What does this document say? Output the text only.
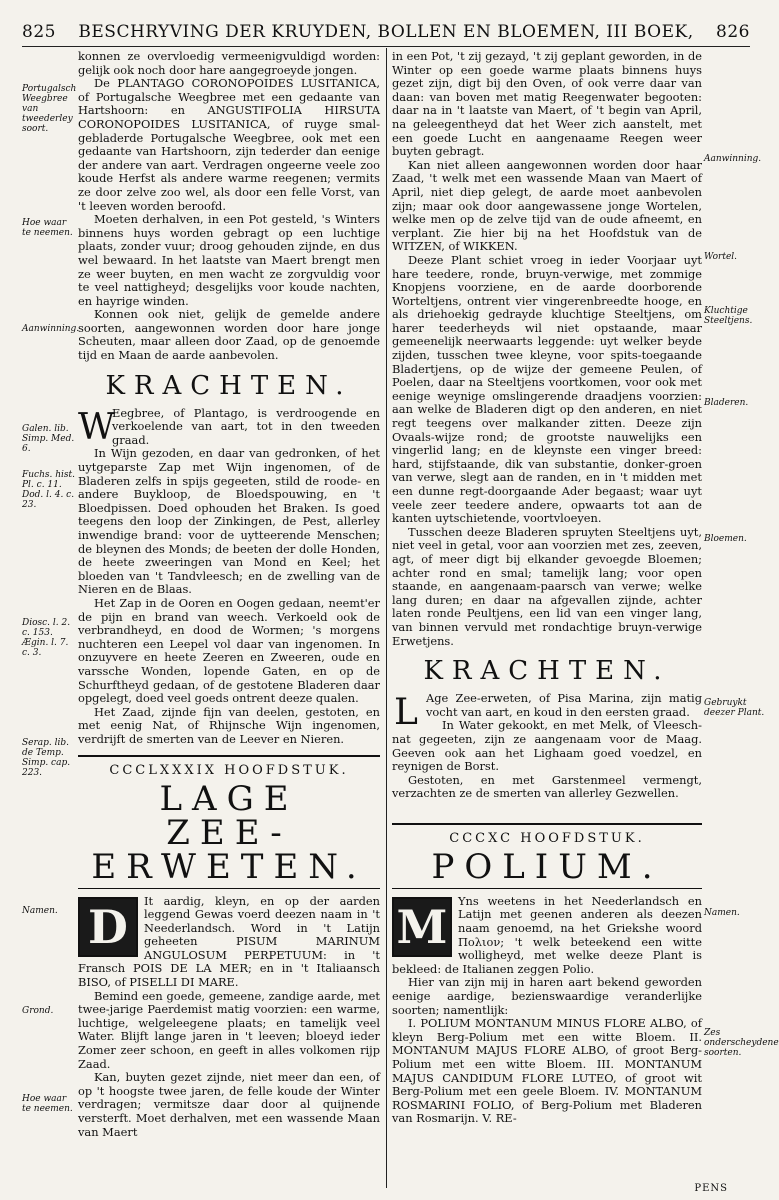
825	BESCHRYVING DER KRUYDEN, BOLLEN EN BLOEMEN, III BOEK,	826
Portugalsch Weegbree van tweederley soort.
Hoe waar te neemen.
Aanwinning.
Galen. lib. Simp. Med. 6.
Fuchs. hist. Pl. c. 11. Dod. l. 4. c. 23.
Diosc. l. 2. c. 153. Ægin. l. 7. c. 3.
Serap. lib. de Temp. Simp. cap. 223.
Namen.
Grond.
Hoe waar te neemen.

konnen ze overvloedig vermeenigvuldigd worden: gelijk ook noch door hare aangegroeyde jongen.

De PLANTAGO CORONOPOIDES LUSITANICA, of Portugalsche Weegbree met een gedaante van Hartshoorn: en ANGUSTIFOLIA HIRSUTA CORONOPOIDES LUSITANICA, of ruyge smal-gebladerde Portugalsche Weegbree, ook met een gedaante van Hartshoorn, zijn tederder dan eenige der andere van aart. Verdragen ongeerne veele zoo koude Herfst als andere warme reegenen; vermits ze door zelve zoo wel, als door een felle Vorst, van 't leeven worden beroofd.

Moeten derhalven, in een Pot gesteld, 's Winters binnens huys worden gebragt op een luchtige plaats, zonder vuur; droog gehouden zijnde, en dus wel bewaard. In het laatste van Maert brengt men ze weer buyten, en men wacht ze zorgvuldig voor te veel nattigheyd; desgelijks voor koude nachten, en hayrige winden.

Konnen ook niet, gelijk de gemelde andere soorten, aangewonnen worden door hare jonge Scheuten, maar alleen door Zaad, op de genoemde tijd en Maan de aarde aanbevolen.

KRACHTEN.

W
Eegbree, of Plantago, is verdroogende en verkoelende van aart, tot in den tweeden graad.

In Wijn gezoden, en daar van gedronken, of het uytgeparste Zap met Wijn ingenomen, of de Bladeren zelfs in spijs gegeeten, stild de roode- en andere Buykloop, de Bloedspouwing, en 't Bloedpissen. Doed ophouden het Braken. Is goed teegens den loop der Zinkingen, de Pest, allerley inwendige brand: voor de uytteerende Menschen; de bleynen des Monds; de beeten der dolle Honden, de heete zweeringen van Mond en Keel; het bloeden van 't Tandvleesch; en de zwelling van de Nieren en de Blaas.

Het Zap in de Ooren en Oogen gedaan, neemt'er de pijn en brand van weech. Verkoeld ook de verbrandheyd, en dood de Wormen; 's morgens nuchteren een Leepel vol daar van ingenomen. In onzuyvere en heete Zeeren en Zweeren, oude en varssche Wonden, lopende Gaten, en op de Schurftheyd gedaan, of de gestotene Bladeren daar opgelegt, doed veel goeds ontrent deeze qualen.

Het Zaad, zijnde fijn van deelen, gestoten, en met eenig Nat, of Rhijnsche Wijn ingenomen, verdrijft de smerten van de Leever en Nieren.

CCCLXXXIX HOOFDSTUK.
LAGE
ZEE-ERWETEN.

D	It aardig, kleyn, en op der aarden leggend Gewas voerd deezen naam in 't Neederlandsch. Word in 't Latijn geheeten PISUM MARINUM ANGULOSUM PERPETUUM: in 't Fransch POIS DE LA MER; en in 't Italiaansch BISO, of PISELLI DI MARE.

Bemind een goede, gemeene, zandige aarde, met twee-jarige Paerdemist matig voorzien: een warme, luchtige, welgeleegene plaats; en tamelijk veel Water. Blijft lange jaren in 't leeven; bloeyd ieder Zomer zeer schoon, en geeft in alles volkomen rijp Zaad.

Kan, buyten gezet zijnde, niet meer dan een, of op 't hoogste twee jaren, de felle koude der Winter verdragen; vermitsze daar door al quijnende versterft. Moet derhalven, met een wassende Maan van Maert

in een Pot, 't zij gezayd, 't zij geplant geworden, in de Winter op een goede warme plaats binnens huys gezet zijn, digt bij den Oven, of ook verre daar van daan: van boven met matig Reegenwater begooten: daar na in 't laatste van Maert, of 't begin van April, na geleegentheyd dat het Weer zich aanstelt, met een goede Lucht en aangenaame Reegen weer buyten gebragt.

Kan niet alleen aangewonnen worden door haar Zaad, 't welk met een wassende Maan van Maert of April, niet diep gelegt, de aarde moet aanbevolen zijn; maar ook door aangewassene jonge Wortelen, welke men op de zelve tijd van de oude afneemt, en verplant. Zie hier bij na het Hoofdstuk van de WITZEN, of WIKKEN.

Deeze Plant schiet vroeg in ieder Voorjaar uyt hare teedere, ronde, bruyn-verwige, met zommige Knopjens voorziene, en de aarde doorborende Worteltjens, ontrent vier vingerenbreedte hooge, en als driehoekig gedrayde kluchtige Steeltjens, om harer teederheyds wil niet opstaande, maar gemeenelijk neerwaarts leggende: uyt welker beyde zijden, tusschen twee kleyne, voor spits-toegaande Bladertjens, op de wijze der gemeene Peulen, of Poelen, daar na Steeltjens voortkomen, voor ook met eenige weynige omslingerende draadjens voorzien: aan welke de Bladeren digt op den anderen, en niet regt teegens over malkander zitten. Deeze zijn Ovaals-wijze rond; de grootste nauwelijks een vingerlid lang; en de kleynste een vinger breed: hard, stijfstaande, dik van substantie, donker-groen van verwe, slegt aan de randen, en in 't midden met een dunne regt-doorgaande Ader begaast; waar uyt veele zeer teedere andere, opwaarts tot aan de kanten uytschietende, voortvloeyen.

Tusschen deeze Bladeren spruyten Steeltjens uyt, niet veel in getal, voor aan voorzien met zes, zeeven, agt, of meer digt bij elkander gevoegde Bloemen; achter rond en smal; tamelijk lang; voor open staande, en aangenaam-paarsch van verwe; welke lang duren; en daar na afgevallen zijnde, achter laten ronde Peultjens, een lid van een vinger lang, van binnen vervuld met rondachtige bruyn-verwige Erwetjens.

KRACHTEN.

L Age Zee-erweten, of Pisa Marina, zijn matig vocht van aart, en koud in den eersten graad.

In Water gekookt, en met Melk, of Vleesch-nat gegeeten, zijn ze aangenaam voor de Maag. Geeven ook aan het Lighaam goed voedzel, en reynigen de Borst.

Gestoten, en met Garstenmeel vermengt, verzachten ze de smerten van allerley Gezwellen.

CCCXC HOOFDSTUK.
POLIUM.

M Yns weetens in het Neederlandsch en Latijn met geenen anderen als deezen naam genoemd, na het Griekshe woord Πολιον; 't welk beteekend een witte wolligheyd, met welke deeze Plant is bekleed: de Italianen zeggen Polio.

Hier van zijn mij in haren aart bekend geworden eenige aardige, bezienswaardige veranderlijke soorten; namentlijk:

I. POLIUM MONTANUM MINUS FLORE ALBO, of kleyn Berg-Polium met een witte Bloem. II. MONTANUM MAJUS FLORE ALBO, of groot Berg-Polium met een witte Bloem. III. MONTANUM MAJUS CANDIDUM FLORE LUTEO, of groot wit Berg-Polium met een geele Bloem. IV. MONTANUM ROSMARINI FOLIO, of Berg-Polium met Bladeren van Rosmarijn. V. RE-

Aanwinning.
Wortel.
Kluchtige Steeltjens.
Bladeren.
Bloemen.
Gebruykt deezer Plant.
Namen.
Zes onderscheydene soorten.
PENS
